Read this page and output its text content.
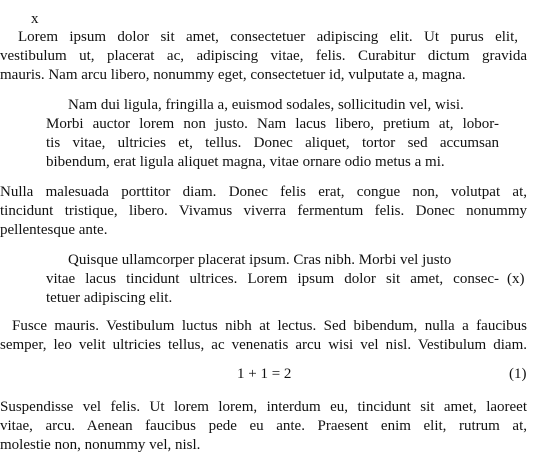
x
Lorem ipsum dolor sit amet, consectetuer adipiscing elit. Ut purus elit,
vestibulum ut, placerat ac, adipiscing vitae, felis. Curabitur dictum gravida
mauris. Nam arcu libero, nonummy eget, consectetuer id, vulputate a, magna.
Nam dui ligula, fringilla a, euismod sodales, sollicitudin vel, wisi.
Morbi auctor lorem non justo. Nam lacus libero, pretium at, lobor-
tis vitae, ultricies et, tellus. Donec aliquet, tortor sed accumsan
bibendum, erat ligula aliquet magna, vitae ornare odio metus a mi.
Nulla malesuada porttitor diam. Donec felis erat, congue non, volutpat at,
tincidunt tristique, libero. Vivamus viverra fermentum felis. Donec nonummy
pellentesque ante.
Quisque ullamcorper placerat ipsum. Cras nibh. Morbi vel justo
vitae lacus tincidunt ultrices. Lorem ipsum dolor sit amet, consec-
tetuer adipiscing elit.
(x)
Fusce mauris. Vestibulum luctus nibh at lectus. Sed bibendum, nulla a faucibus
semper, leo velit ultricies tellus, ac venenatis arcu wisi vel nisl. Vestibulum diam.
1 + 1 = 2	(1)
Suspendisse vel felis. Ut lorem lorem, interdum eu, tincidunt sit amet, laoreet
vitae, arcu. Aenean faucibus pede eu ante. Praesent enim elit, rutrum at,
molestie non, nonummy vel, nisl.
